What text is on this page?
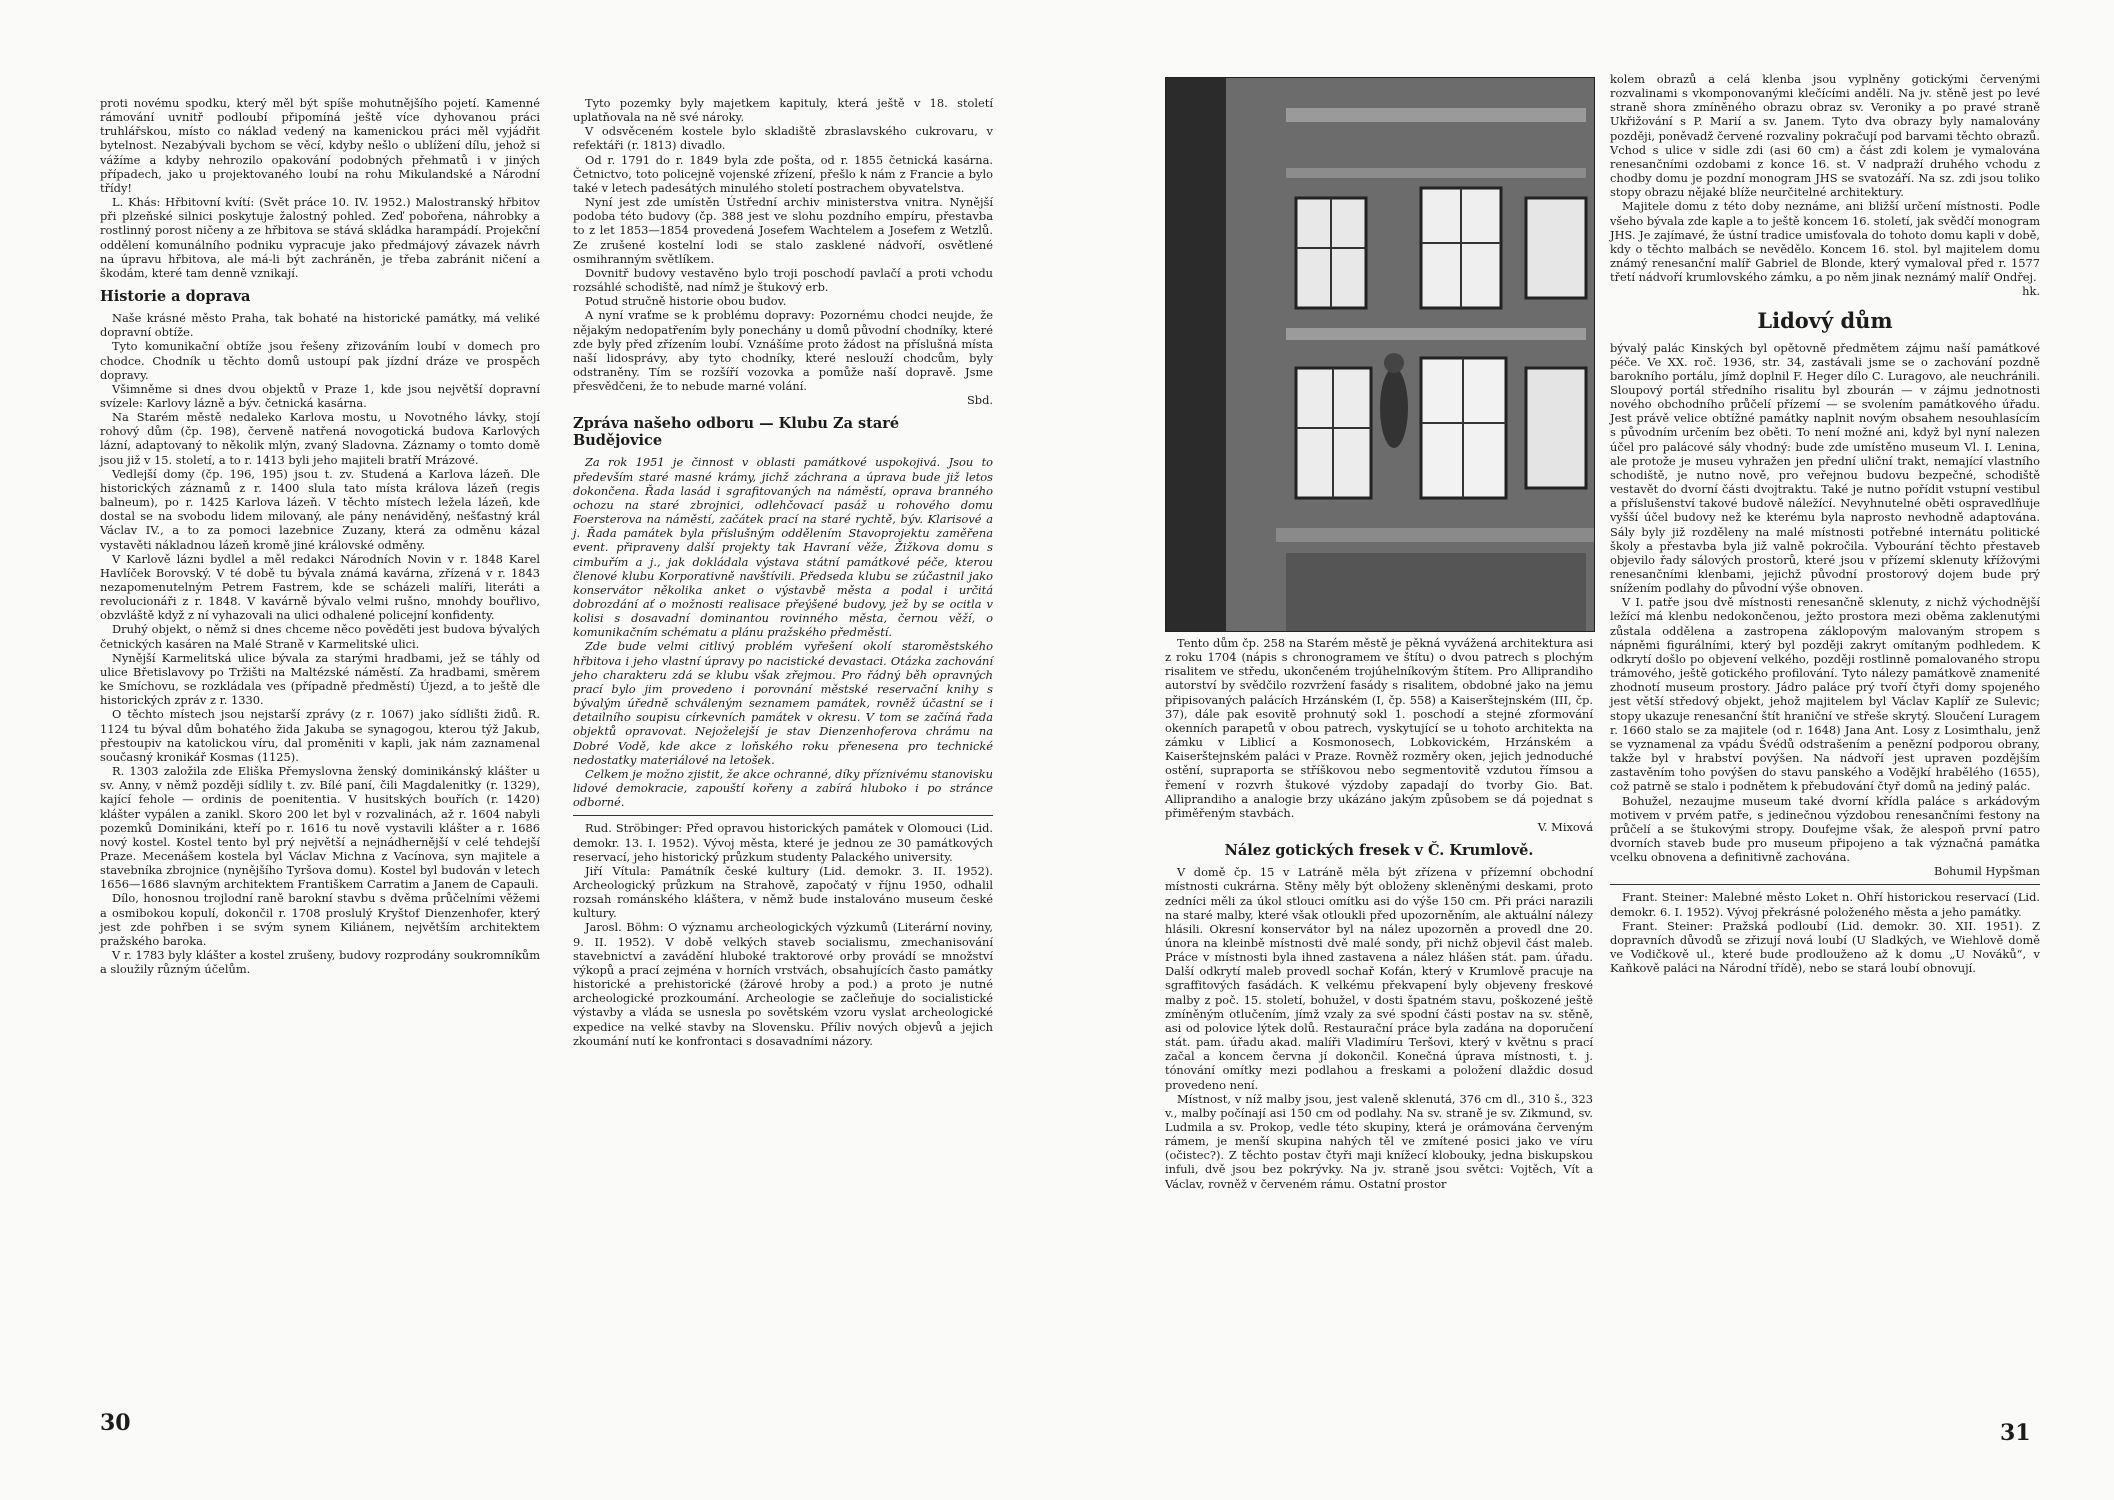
proti novému spodku, který měl být spíše mohutnějšího pojetí. Kamenné rámování uvnitř podloubí připomíná ještě více dyhovanou práci truhlářskou, místo co náklad vedený na kamenickou práci měl vyjádřit bytelnost. Nezabývali bychom se věcí, kdyby nešlo o ublížení dílu, jehož si vážíme a kdyby nehrozilo opakování podobných přehmatů i v jiných případech, jako u projektovaného loubí na rohu Mikulandské a Národní třídy!

L. Khás: Hřbitovní kvítí: (Svět práce 10. IV. 1952.) Malostranský hřbitov při plzeňské silnici poskytuje žalostný pohled. Zeď pobořena, náhrobky a rostlinný porost ničeny a ze hřbitova se stává skládka harampádí. Projekční oddělení komunálního podniku vypracuje jako předmájový závazek návrh na úpravu hřbitova, ale má-li být zachráněn, je třeba zabránit ničení a škodám, které tam denně vznikají.

Historie a doprava

Naše krásné město Praha, tak bohaté na historické památky, má veliké dopravní obtíže.

Tyto komunikační obtíže jsou řešeny zřizováním loubí v domech pro chodce. Chodník u těchto domů ustoupí pak jízdní dráze ve prospěch dopravy.

Všimněme si dnes dvou objektů v Praze 1, kde jsou největší dopravní svízele: Karlovy lázně a býv. četnická kasárna.

Na Starém městě nedaleko Karlova mostu, u Novotného lávky, stojí rohový dům (čp. 198), červeně natřená novogotická budova Karlových lázní, adaptovaný to několik mlýn, zvaný Sladovna. Záznamy o tomto domě jsou již v 15. století, a to r. 1413 byli jeho majiteli bratří Mrázové.

Vedlejší domy (čp. 196, 195) jsou t. zv. Studená a Karlova lázeň. Dle historických záznamů z r. 1400 slula tato místa králova lázeň (regis balneum), po r. 1425 Karlova lázeň. V těchto místech ležela lázeň, kde dostal se na svobodu lidem milovaný, ale pány nenáviděný, nešťastný král Václav IV., a to za pomoci lazebnice Zuzany, která za odměnu kázal vystavěti nákladnou lázeň kromě jiné královské odměny.

V Karlově lázni bydlel a měl redakci Národních Novin v r. 1848 Karel Havlíček Borovský. V té době tu bývala známá kavárna, zřízená v r. 1843 nezapomenutelným Petrem Fastrem, kde se scházeli malíři, literáti a revolucionáři z r. 1848. V kavárně bývalo velmi rušno, mnohdy bouřlivo, obzvláště když z ní vyhazovali na ulici odhalené policejní konfidenty.

Druhý objekt, o němž si dnes chceme něco pověděti jest budova bývalých četnických kasáren na Malé Straně v Karmelitské ulici.

Nynější Karmelitská ulice bývala za starými hradbami, jež se táhly od ulice Břetislavovy po Tržišti na Maltézské náměstí. Za hradbami, směrem ke Smíchovu, se rozkládala ves (případně předměstí) Újezd, a to ještě dle historických zpráv z r. 1330.

O těchto místech jsou nejstarší zprávy (z r. 1067) jako sídlišti židů. R. 1124 tu býval dům bohatého žida Jakuba se synagogou, kterou týž Jakub, přestoupiv na katolickou víru, dal proměniti v kapli, jak nám zaznamenal současný kronikář Kosmas (1125).

R. 1303 založila zde Eliška Přemyslovna ženský dominikánský klášter u sv. Anny, v němž později sídlily t. zv. Bílé paní, čili Magdalenitky (r. 1329), kající fehole — ordinis de poenitentia. V husitských bouřích (r. 1420) klášter vypálen a zanikl. Skoro 200 let byl v rozvalinách, až r. 1604 nabyli pozemků Dominikáni, kteří po r. 1616 tu nově vystavili klášter a r. 1686 nový kostel. Kostel tento byl prý největší a nejnádhernější v celé tehdejší Praze. Mecenášem kostela byl Václav Michna z Vacínova, syn majitele a stavebníka zbrojnice (nynějšího Tyršova domu). Kostel byl budován v letech 1656—1686 slavným architektem Františkem Carratim a Janem de Capauli.

Dílo, honosnou trojlodní raně barokní stavbu s dvěma průčelními věžemi a osmibokou kopulí, dokončil r. 1708 proslulý Kryštof Dienzenhofer, který jest zde pohřben i se svým synem Kiliánem, největším architektem pražského baroka.

V r. 1783 byly klášter a kostel zrušeny, budovy rozprodány soukromníkům a sloužily různým účelům.

Tyto pozemky byly majetkem kapituly, která ještě v 18. století uplatňovala na ně své nároky.

V odsvěceném kostele bylo skladiště zbraslavského cukrovaru, v refektáři (r. 1813) divadlo.

Od r. 1791 do r. 1849 byla zde pošta, od r. 1855 četnická kasárna. Četnictvo, toto policejně vojenské zřízení, přešlo k nám z Francie a bylo také v letech padesátých minulého století postrachem obyvatelstva.

Nyní jest zde umístěn Ústřední archiv ministerstva vnitra. Nynější podoba této budovy (čp. 388 jest ve slohu pozdního empíru, přestavba to z let 1853—1854 provedená Josefem Wachtelem a Josefem z Wetzlů. Ze zrušené kostelní lodi se stalo zasklené nádvoří, osvětlené osmihranným světlíkem.

Dovnitř budovy vestavěno bylo troji poschodí pavlačí a proti vchodu rozsáhlé schodiště, nad nímž je štukový erb.

Potud stručně historie obou budov.

A nyní vraťme se k problému dopravy: Pozornému chodci neujde, že nějakým nedopatřením byly ponechány u domů původní chodníky, které zde byly před zřízením loubí. Vznášíme proto žádost na příslušná místa naší lidosprávy, aby tyto chodníky, které neslouží chodcům, byly odstraněny. Tím se rozšíří vozovka a pomůže naší dopravě. Jsme přesvědčeni, že to nebude marné volání.

Sbd.

Zpráva našeho odboru — Klubu Za staré Budějovice

Za rok 1951 je činnost v oblasti památkové uspokojivá. Jsou to především staré masné krámy, jichž záchrana a úprava bude již letos dokončena. Řada lasád i sgrafitovaných na náměstí, oprava branného ochozu na staré zbrojnici, odlehčovací pasáž u rohového domu Foersterova na náměstí, začátek prací na staré rychtě, býv. Klarisové a j. Řada památek byla příslušným oddělením Stavoprojektu zaměřena event. připraveny další projekty tak Havraní věže, Žižkova domu s cimbuřím a j., jak dokládala výstava státní památkové péče, kterou členové klubu Korporativně navštívili. Předseda klubu se zúčastnil jako konservátor několika anket o výstavbě města a podal i určitá dobrozdání ať o možnosti realisace přeýšené budovy, jež by se ocitla v kolisi s dosavadní dominantou rovinného města, černou věží, o komunikačním schématu a plánu pražského předměstí.

Zde bude velmi citlivý problém vyřešení okolí staroměstského hřbitova i jeho vlastní úpravy po nacistické devastaci. Otázka zachování jeho charakteru zdá se klubu však zřejmou. Pro řádný běh opravných prací bylo jim provedeno i porovnání městské reservační knihy s bývalým úředně schváleným seznamem památek, rovněž účastní se i detailního soupisu církevních památek v okresu. V tom se začíná řada objektů opravovat. Nejoželejší je stav Dienzenhoferova chrámu na Dobré Vodě, kde akce z loňského roku přenesena pro technické nedostatky materiálové na letošek.

Celkem je možno zjistit, že akce ochranné, díky příznivému stanovisku lidové demokracie, zapouští kořeny a zabírá hluboko i po stránce odborné.

Rud. Ströbinger: Před opravou historických památek v Olomouci (Lid. demokr. 13. I. 1952). Vývoj města, které je jednou ze 30 památkových reservací, jeho historický průzkum studenty Palackého university.

Jiří Vítula: Památník české kultury (Lid. demokr. 3. II. 1952). Archeologický průzkum na Strahově, započatý v říjnu 1950, odhalil rozsah románského kláštera, v němž bude instalováno museum české kultury.

Jarosl. Böhm: O významu archeologických výzkumů (Literární noviny, 9. II. 1952). V době velkých staveb socialismu, zmechanisování stavebnictví a zavádění hluboké traktorové orby provádí se množství výkopů a prací zejména v horních vrstvách, obsahujících často památky historické a prehistorické (žárové hroby a pod.) a proto je nutné archeologické prozkoumání. Archeologie se začleňuje do socialistické výstavby a vláda se usnesla po sovětském vzoru vyslat archeologické expedice na velké stavby na Slovensku. Příliv nových objevů a jejich zkoumání nutí ke konfrontaci s dosavadními názory.

Tento dům čp. 258 na Starém městě je pěkná vyvážená architektura asi z roku 1704 (nápis s chronogramem ve štítu) o dvou patrech s plochým risalitem ve středu, ukončeném trojúhelníkovým štítem. Pro Alliprandiho autorství by svědčilo rozvržení fasády s risalitem, obdobné jako na jemu připisovaných palácích Hrzánském (I, čp. 558) a Kaiserštejnském (III, čp. 37), dále pak esovitě prohnutý sokl 1. poschodí a stejné zformování okenních parapetů v obou patrech, vyskytující se u tohoto architekta na zámku v Liblicí a Kosmonosech, Lobkovickém, Hrzánském a Kaiserštejnském paláci v Praze. Rovněž rozměry oken, jejich jednoduché ostění, supraporta se stříškovou nebo segmentovitě vzdutou římsou a řemení v rozvrh štukové výzdoby zapadají do tvorby Gio. Bat. Alliprandiho a analogie brzy ukázáno jakým způsobem se dá pojednat s přiměřeným stavbách.

V. Mixová

Nález gotických fresek v Č. Krumlově.

V domě čp. 15 v Latráně měla být zřízena v přízemní obchodní místnosti cukrárna. Stěny měly být obloženy skleněnými deskami, proto zedníci měli za úkol stlouci omítku asi do výše 150 cm. Při práci narazili na staré malby, které však otloukli před upozorněním, ale aktuální nálezy hlásili. Okresní konservátor byl na nález upozorněn a provedl dne 20. února na kleinbě místnosti dvě malé sondy, při nichž objevil část maleb. Práce v místnosti byla ihned zastavena a nález hlášen stát. pam. úřadu. Další odkrytí maleb provedl sochař Kofán, který v Krumlově pracuje na sgraffitových fasádách. K velkému překvapení byly objeveny freskové malby z poč. 15. století, bohužel, v dosti špatném stavu, poškozené ještě zmíněným otlučením, jímž vzaly za své spodní části postav na sv. stěně, asi od polovice lýtek dolů. Restaurační práce byla zadána na doporučení stát. pam. úřadu akad. malíři Vladimíru Teršovi, který v květnu s prací začal a koncem června jí dokončil. Konečná úprava místnosti, t. j. tónování omítky mezi podlahou a freskami a položení dlaždic dosud provedeno není.

Místnost, v níž malby jsou, jest valeně sklenutá, 376 cm dl., 310 š., 323 v., malby počínají asi 150 cm od podlahy. Na sv. straně je sv. Zikmund, sv. Ludmila a sv. Prokop, vedle této skupiny, která je orámována červeným rámem, je menší skupina nahých těl ve zmítené posici jako ve víru (očistec?). Z těchto postav čtyři maji knížecí klobouky, jedna biskupskou infuli, dvě jsou bez pokrývky. Na jv. straně jsou světci: Vojtěch, Vít a Václav, rovněž v červeném rámu. Ostatní prostor

kolem obrazů a celá klenba jsou vyplněny gotickými červenými rozvalinami s vkomponovanými klečícími anděli. Na jv. stěně jest po levé straně shora zmíněného obrazu obraz sv. Veroniky a po pravé straně Ukřižování s P. Marií a sv. Janem. Tyto dva obrazy byly namalovány později, poněvadž červené rozvaliny pokračují pod barvami těchto obrazů. Vchod s ulice v sidle zdi (asi 60 cm) a část zdi kolem je vymalována renesančními ozdobami z konce 16. st. V nadpraží druhého vchodu z chodby domu je pozdní monogram JHS se svatozáří. Na sz. zdi jsou toliko stopy obrazu nějaké blíže neurčitelné architektury.

Majitele domu z této doby neznáme, ani bližší určení místnosti. Podle všeho bývala zde kaple a to ještě koncem 16. století, jak svědčí monogram JHS. Je zajímavé, že ústní tradice umisťovala do tohoto domu kapli v době, kdy o těchto malbách se nevědělo. Koncem 16. stol. byl majitelem domu známý renesanční malíř Gabriel de Blonde, který vymaloval před r. 1577 třetí nádvoří krumlovského zámku, a po něm jinak neznámý malíř Ondřej.

hk.

Lidový dům

bývalý palác Kinských byl opětovně předmětem zájmu naší památkové péče. Ve XX. roč. 1936, str. 34, zastávali jsme se o zachování pozdně barokního portálu, jímž doplnil F. Heger dílo C. Luragovo, ale neuchránili. Sloupový portál středního risalitu byl zbourán — v zájmu jednotnosti nového obchodního průčelí přízemí — se svolením památkového úřadu. Jest právě velice obtížné památky naplnit novým obsahem nesouhlasícím s původním určením bez oběti. To není možné ani, když byl nyní nalezen účel pro palácové sály vhodný: bude zde umístěno museum Vl. I. Lenina, ale protože je museu vyhražen jen přední uliční trakt, nemající vlastního schodiště, je nutno nově, pro veřejnou budovu bezpečné, schodiště vestavět do dvorní části dvojtraktu. Také je nutno pořídit vstupní vestibul a příslušenství takové budově náležící. Nevyhnutelné oběti ospravedlňuje vyšší účel budovy než ke kterému byla naprosto nevhodně adaptována. Sály byly již rozděleny na malé místnosti potřebné internátu politické školy a přestavba byla již valně pokročila. Vybourání těchto přestaveb objevilo řady sálových prostorů, které jsou v přízemí sklenuty křížovými renesančními klenbami, jejichž původní prostorový dojem bude prý snížením podlahy do původní výše obnoven.

V I. patře jsou dvě místnosti renesančně sklenuty, z nichž východnější ležící má klenbu nedokončenou, ježto prostora mezi oběma zaklenutými zůstala oddělena a zastropena záklopovým malovaným stropem s nápněmi figurálními, který byl později zakryt omítaným podhledem. K odkrytí došlo po objevení velkého, později rostlinně pomalovaného stropu trámového, ještě gotického profilování. Tyto nálezy památkově znamenité zhodnotí museum prostory. Jádro paláce prý tvoří čtyři domy spojeného jest větší středový objekt, jehož majitelem byl Václav Kaplíř ze Sulevic; stopy ukazuje renesanční štít hraniční ve střeše skrytý. Sloučení Luragem r. 1660 stalo se za majitele (od r. 1648) Jana Ant. Losy z Losimthalu, jenž se vyznamenal za vpádu Švédů odstrašením a penězní podporou obrany, takže byl v hrabství povýšen. Na nádvoří jest upraven pozdějším zastavěním toho povýšen do stavu panského a Vodějkí hrabělého (1655), což patrně se stalo i podnětem k přebudování čtyř domů na jediný palác.

Bohužel, nezaujme museum také dvorní křídla paláce s arkádovým motivem v prvém patře, s jedinečnou výzdobou renesančními festony na průčelí a se štukovými stropy. Doufejme však, že alespoň první patro dvorních staveb bude pro museum připojeno a tak význačná památka vcelku obnovena a definitivně zachována.

Bohumil Hypšman

Frant. Steiner: Malebné město Loket n. Ohří historickou reservací (Lid. demokr. 6. I. 1952). Vývoj překrásné položeného města a jeho památky.

Frant. Steiner: Pražská podloubí (Lid. demokr. 30. XII. 1951). Z dopravních důvodů se zřizují nová loubí (U Sladkých, ve Wiehlově domě ve Vodičkově ul., které bude prodlouženo až k domu „U Nováků“, v Kaňkově paláci na Národní třídě), nebo se stará loubí obnovují.

30	31
